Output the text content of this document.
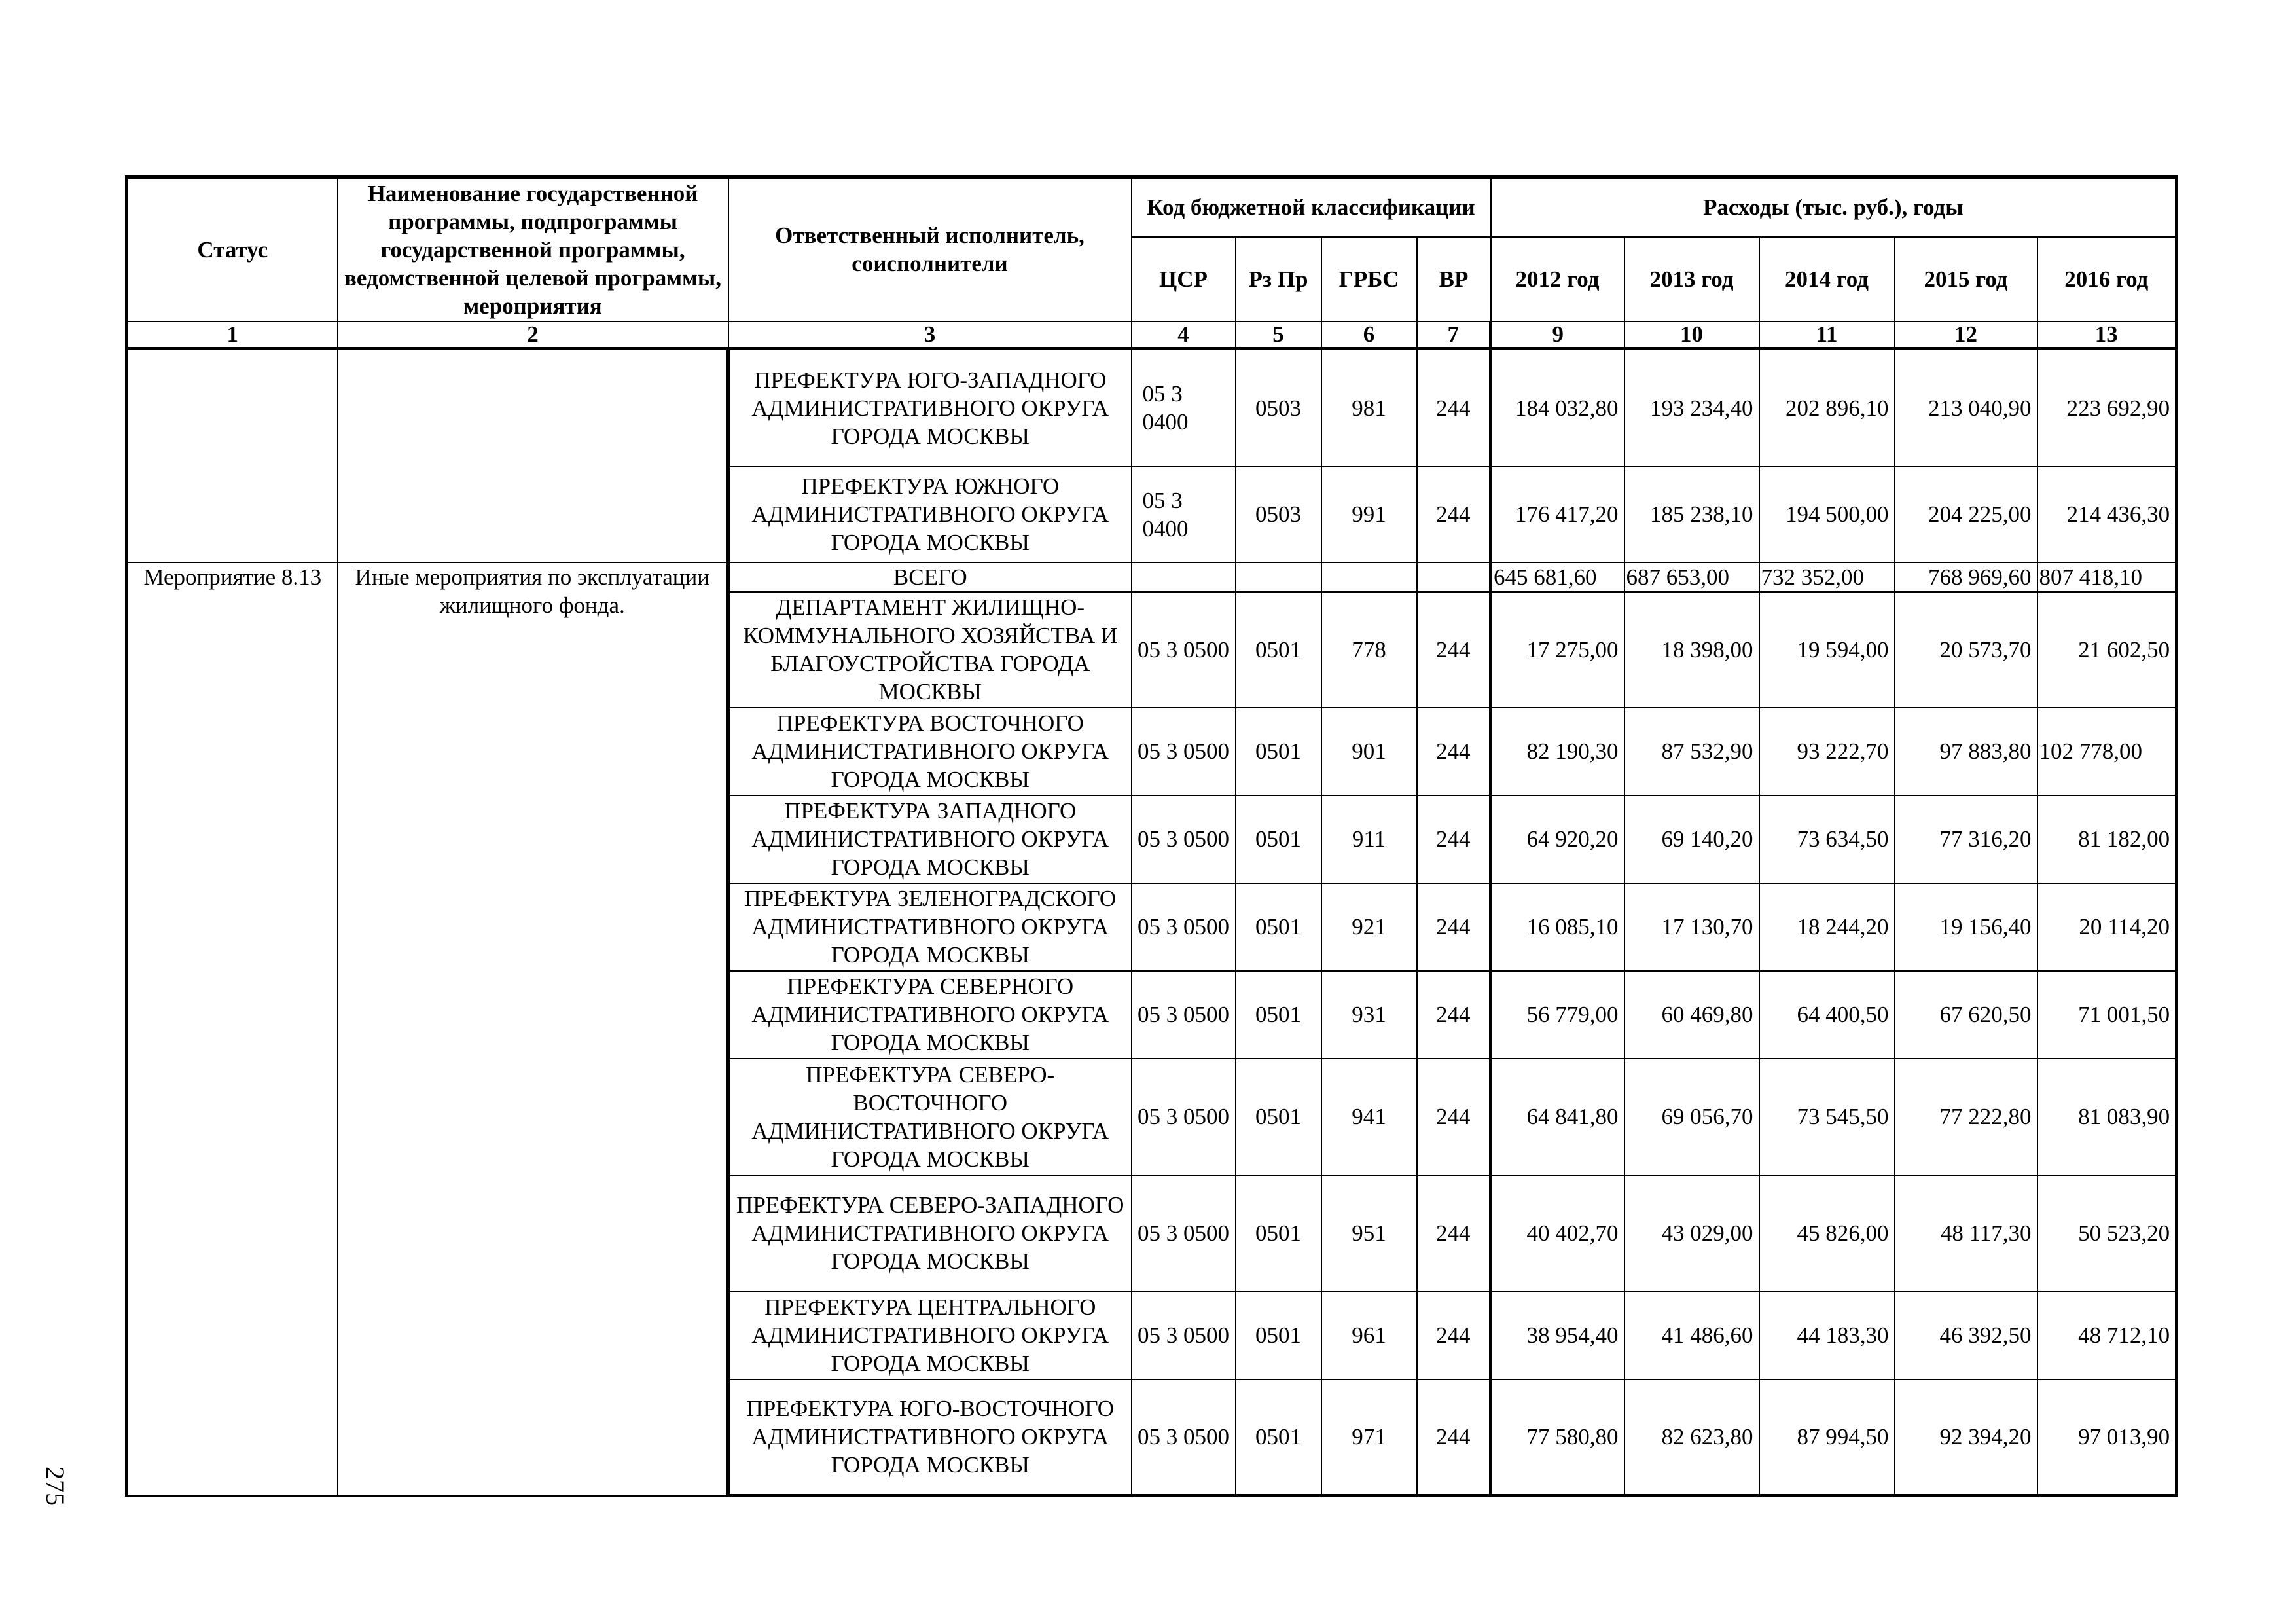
Статус	Наименование государственной программы, подпрограммы государственной программы, ведомственной целевой программы, мероприятия	Ответственный исполнитель, соисполнители	Код бюджетной классификации				Расходы (тыс. руб.), годы				
			ЦСР	Рз Пр	ГРБС	ВР	2012 год	2013 год	2014 год	2015 год	2016 год
1	2	3	4	5	6	7	9	10	11	12	13
		ПРЕФЕКТУРА ЮГО-ЗАПАДНОГО АДМИНИСТРАТИВНОГО ОКРУГА ГОРОДА МОСКВЫ	05 3 0400	0503	981	244	184 032,80	193 234,40	202 896,10	213 040,90	223 692,90
		ПРЕФЕКТУРА ЮЖНОГО АДМИНИСТРАТИВНОГО ОКРУГА ГОРОДА МОСКВЫ	05 3 0400	0503	991	244	176 417,20	185 238,10	194 500,00	204 225,00	214 436,30
Мероприятие 8.13	Иные мероприятия по эксплуатации жилищного фонда.	ВСЕГО					645 681,60	687 653,00	732 352,00	768 969,60	807 418,10
		ДЕПАРТАМЕНТ ЖИЛИЩНО-КОММУНАЛЬНОГО ХОЗЯЙСТВА И БЛАГОУСТРОЙСТВА ГОРОДА МОСКВЫ	05 3 0500	0501	778	244	17 275,00	18 398,00	19 594,00	20 573,70	21 602,50
		ПРЕФЕКТУРА ВОСТОЧНОГО АДМИНИСТРАТИВНОГО ОКРУГА ГОРОДА МОСКВЫ	05 3 0500	0501	901	244	82 190,30	87 532,90	93 222,70	97 883,80	102 778,00
		ПРЕФЕКТУРА ЗАПАДНОГО АДМИНИСТРАТИВНОГО ОКРУГА ГОРОДА МОСКВЫ	05 3 0500	0501	911	244	64 920,20	69 140,20	73 634,50	77 316,20	81 182,00
		ПРЕФЕКТУРА ЗЕЛЕНОГРАДСКОГО АДМИНИСТРАТИВНОГО ОКРУГА ГОРОДА МОСКВЫ	05 3 0500	0501	921	244	16 085,10	17 130,70	18 244,20	19 156,40	20 114,20
		ПРЕФЕКТУРА СЕВЕРНОГО АДМИНИСТРАТИВНОГО ОКРУГА ГОРОДА МОСКВЫ	05 3 0500	0501	931	244	56 779,00	60 469,80	64 400,50	67 620,50	71 001,50
		ПРЕФЕКТУРА СЕВЕРО-ВОСТОЧНОГО АДМИНИСТРАТИВНОГО ОКРУГА ГОРОДА МОСКВЫ	05 3 0500	0501	941	244	64 841,80	69 056,70	73 545,50	77 222,80	81 083,90
		ПРЕФЕКТУРА СЕВЕРО-ЗАПАДНОГО АДМИНИСТРАТИВНОГО ОКРУГА ГОРОДА МОСКВЫ	05 3 0500	0501	951	244	40 402,70	43 029,00	45 826,00	48 117,30	50 523,20
		ПРЕФЕКТУРА ЦЕНТРАЛЬНОГО АДМИНИСТРАТИВНОГО ОКРУГА ГОРОДА МОСКВЫ	05 3 0500	0501	961	244	38 954,40	41 486,60	44 183,30	46 392,50	48 712,10
		ПРЕФЕКТУРА ЮГО-ВОСТОЧНОГО АДМИНИСТРАТИВНОГО ОКРУГА ГОРОДА МОСКВЫ	05 3 0500	0501	971	244	77 580,80	82 623,80	87 994,50	92 394,20	97 013,90
275
